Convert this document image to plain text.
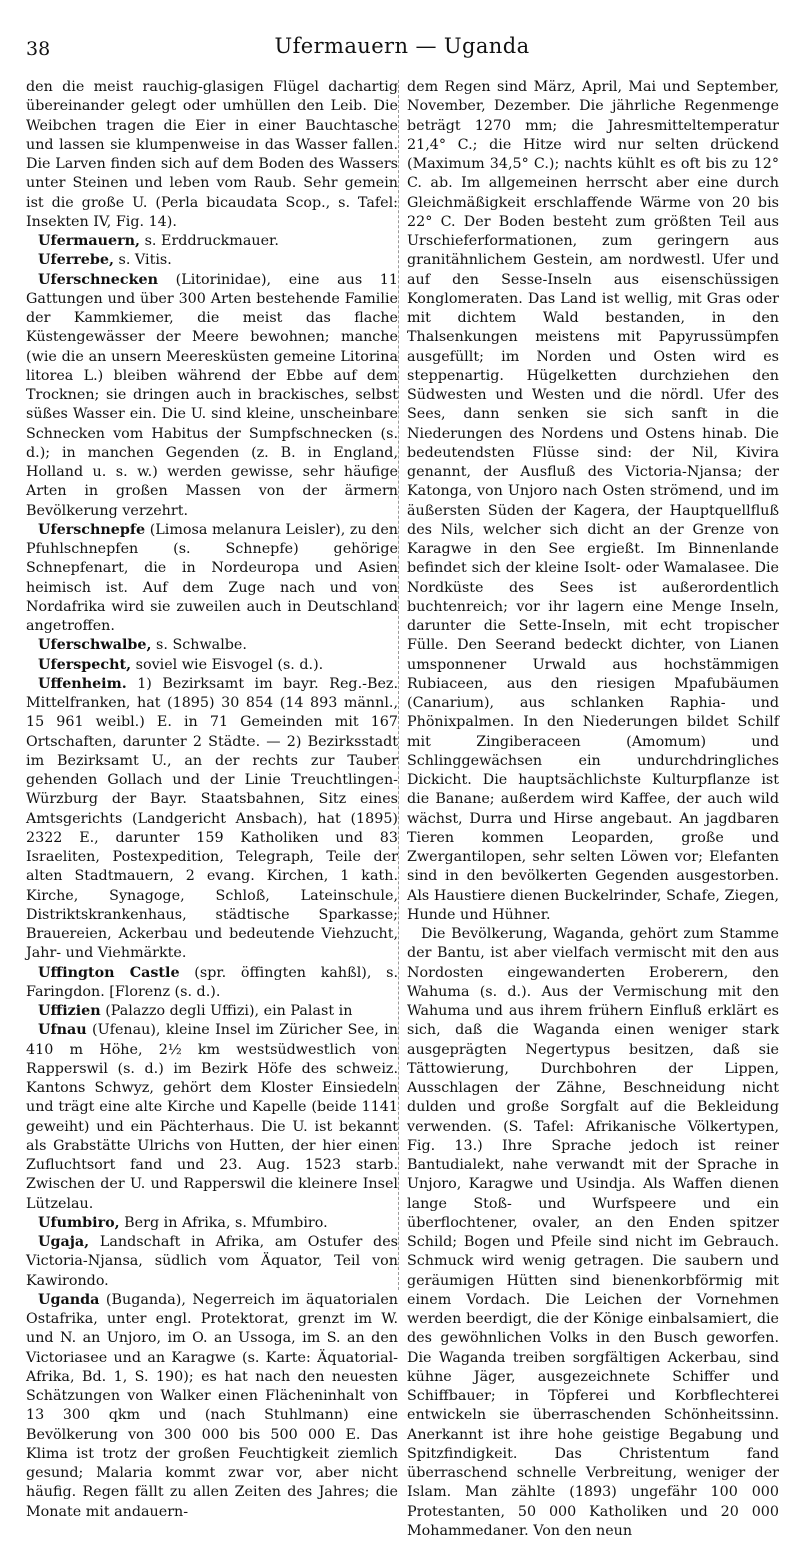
38	Ufermauern — Uganda

den die meist rauchig-glasigen Flügel dachartig übereinander gelegt oder umhüllen den Leib. Die Weibchen tragen die Eier in einer Bauchtasche und lassen sie klumpenweise in das Wasser fallen. Die Larven finden sich auf dem Boden des Wassers unter Steinen und leben vom Raub. Sehr gemein ist die große U. (Perla bicaudata Scop., s. Tafel: Insekten IV, Fig. 14).

Ufermauern, s. Erddruckmauer.

Uferrebe, s. Vitis.

Uferschnecken (Litorinidae), eine aus 11 Gattungen und über 300 Arten bestehende Familie der Kammkiemer, die meist das flache Küstengewässer der Meere bewohnen; manche (wie die an unsern Meeresküsten gemeine Litorina litorea L.) bleiben während der Ebbe auf dem Trocknen; sie dringen auch in brackisches, selbst süßes Wasser ein. Die U. sind kleine, unscheinbare Schnecken vom Habitus der Sumpfschnecken (s. d.); in manchen Gegenden (z. B. in England, Holland u. s. w.) werden gewisse, sehr häufige Arten in großen Massen von der ärmern Bevölkerung verzehrt.

Uferschnepfe (Limosa melanura Leisler), zu den Pfuhlschnepfen (s. Schnepfe) gehörige Schnepfenart, die in Nordeuropa und Asien heimisch ist. Auf dem Zuge nach und von Nordafrika wird sie zuweilen auch in Deutschland angetroffen.

Uferschwalbe, s. Schwalbe.

Uferspecht, soviel wie Eisvogel (s. d.).

Uffenheim. 1) Bezirksamt im bayr. Reg.-Bez. Mittelfranken, hat (1895) 30 854 (14 893 männl., 15 961 weibl.) E. in 71 Gemeinden mit 167 Ortschaften, darunter 2 Städte. — 2) Bezirksstadt im Bezirksamt U., an der rechts zur Tauber gehenden Gollach und der Linie Treuchtlingen-Würzburg der Bayr. Staatsbahnen, Sitz eines Amtsgerichts (Landgericht Ansbach), hat (1895) 2322 E., darunter 159 Katholiken und 83 Israeliten, Postexpedition, Telegraph, Teile der alten Stadtmauern, 2 evang. Kirchen, 1 kath. Kirche, Synagoge, Schloß, Lateinschule, Distriktskrankenhaus, städtische Sparkasse; Brauereien, Ackerbau und bedeutende Viehzucht, Jahr- und Viehmärkte.

Uffington Castle (spr. öffingten kahßl), s. Faringdon. [Florenz (s. d.).

Uffizien (Palazzo degli Uffizi), ein Palast in

Ufnau (Ufenau), kleine Insel im Züricher See, in 410 m Höhe, 2½ km westsüdwestlich von Rapperswil (s. d.) im Bezirk Höfe des schweiz. Kantons Schwyz, gehört dem Kloster Einsiedeln und trägt eine alte Kirche und Kapelle (beide 1141 geweiht) und ein Pächterhaus. Die U. ist bekannt als Grabstätte Ulrichs von Hutten, der hier einen Zufluchtsort fand und 23. Aug. 1523 starb. Zwischen der U. und Rapperswil die kleinere Insel Lützelau.

Ufumbiro, Berg in Afrika, s. Mfumbiro.

Ugaja, Landschaft in Afrika, am Ostufer des Victoria-Njansa, südlich vom Äquator, Teil von Kawirondo.

Uganda (Buganda), Negerreich im äquatorialen Ostafrika, unter engl. Protektorat, grenzt im W. und N. an Unjoro, im O. an Ussoga, im S. an den Victoriasee und an Karagwe (s. Karte: Äquatorial-Afrika, Bd. 1, S. 190); es hat nach den neuesten Schätzungen von Walker einen Flächeninhalt von 13 300 qkm und (nach Stuhlmann) eine Bevölkerung von 300 000 bis 500 000 E. Das Klima ist trotz der großen Feuchtigkeit ziemlich gesund; Malaria kommt zwar vor, aber nicht häufig. Regen fällt zu allen Zeiten des Jahres; die Monate mit andauern-

dem Regen sind März, April, Mai und September, November, Dezember. Die jährliche Regenmenge beträgt 1270 mm; die Jahresmitteltemperatur 21,4° C.; die Hitze wird nur selten drückend (Maximum 34,5° C.); nachts kühlt es oft bis zu 12° C. ab. Im allgemeinen herrscht aber eine durch Gleichmäßigkeit erschlaffende Wärme von 20 bis 22° C. Der Boden besteht zum größten Teil aus Urschieferformationen, zum geringern aus granitähnlichem Gestein, am nordwestl. Ufer und auf den Sesse-Inseln aus eisenschüssigen Konglomeraten. Das Land ist wellig, mit Gras oder mit dichtem Wald bestanden, in den Thalsenkungen meistens mit Papyrussümpfen ausgefüllt; im Norden und Osten wird es steppenartig. Hügelketten durchziehen den Südwesten und Westen und die nördl. Ufer des Sees, dann senken sie sich sanft in die Niederungen des Nordens und Ostens hinab. Die bedeutendsten Flüsse sind: der Nil, Kivira genannt, der Ausfluß des Victoria-Njansa; der Katonga, von Unjoro nach Osten strömend, und im äußersten Süden der Kagera, der Hauptquellfluß des Nils, welcher sich dicht an der Grenze von Karagwe in den See ergießt. Im Binnenlande befindet sich der kleine Isolt- oder Wamalasee. Die Nordküste des Sees ist außerordentlich buchtenreich; vor ihr lagern eine Menge Inseln, darunter die Sette-Inseln, mit echt tropischer Fülle. Den Seerand bedeckt dichter, von Lianen umsponnener Urwald aus hochstämmigen Rubiaceen, aus den riesigen Mpafubäumen (Canarium), aus schlanken Raphia- und Phönixpalmen. In den Niederungen bildet Schilf mit Zingiberaceen (Amomum) und Schlinggewächsen ein undurchdringliches Dickicht. Die hauptsächlichste Kulturpflanze ist die Banane; außerdem wird Kaffee, der auch wild wächst, Durra und Hirse angebaut. An jagdbaren Tieren kommen Leoparden, große und Zwergantilopen, sehr selten Löwen vor; Elefanten sind in den bevölkerten Gegenden ausgestorben. Als Haustiere dienen Buckelrinder, Schafe, Ziegen, Hunde und Hühner.

Die Bevölkerung, Waganda, gehört zum Stamme der Bantu, ist aber vielfach vermischt mit den aus Nordosten eingewanderten Eroberern, den Wahuma (s. d.). Aus der Vermischung mit den Wahuma und aus ihrem frühern Einfluß erklärt es sich, daß die Waganda einen weniger stark ausgeprägten Negertypus besitzen, daß sie Tättowierung, Durchbohren der Lippen, Ausschlagen der Zähne, Beschneidung nicht dulden und große Sorgfalt auf die Bekleidung verwenden. (S. Tafel: Afrikanische Völkertypen, Fig. 13.) Ihre Sprache jedoch ist reiner Bantudialekt, nahe verwandt mit der Sprache in Unjoro, Karagwe und Usindja. Als Waffen dienen lange Stoß- und Wurfspeere und ein überflochtener, ovaler, an den Enden spitzer Schild; Bogen und Pfeile sind nicht im Gebrauch. Schmuck wird wenig getragen. Die saubern und geräumigen Hütten sind bienenkorbförmig mit einem Vordach. Die Leichen der Vornehmen werden beerdigt, die der Könige einbalsamiert, die des gewöhnlichen Volks in den Busch geworfen. Die Waganda treiben sorgfältigen Ackerbau, sind kühne Jäger, ausgezeichnete Schiffer und Schiffbauer; in Töpferei und Korbflechterei entwickeln sie überraschenden Schönheitssinn. Anerkannt ist ihre hohe geistige Begabung und Spitzfindigkeit. Das Christentum fand überraschend schnelle Verbreitung, weniger der Islam. Man zählte (1893) ungefähr 100 000 Protestanten, 50 000 Katholiken und 20 000 Mohammedaner. Von den neun
